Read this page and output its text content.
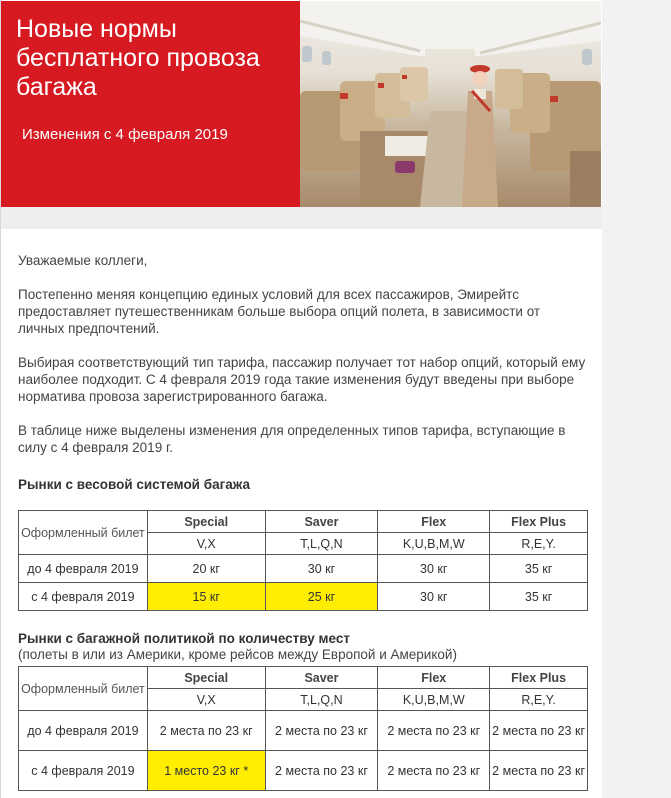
Новые нормы бесплатного провоза багажа
Изменения с 4 февраля 2019

Уважаемые коллеги,

Постепенно меняя концепцию единых условий для всех пассажиров, Эмирейтс предоставляет путешественникам больше выбора опций полета, в зависимости от личных предпочтений.

Выбирая соответствующий тип тарифа, пассажир получает тот набор опций, который ему наиболее подходит. С 4 февраля 2019 года такие изменения будут введены при выборе норматива провоза зарегистрированного багажа.

В таблице ниже выделены изменения для определенных типов тарифа, вступающие в силу с 4 февраля 2019 г.

Рынки с весовой системой багажа
Оформленный билет	Special	Saver	Flex	Flex Plus
	V,X	T,L,Q,N	K,U,B,M,W	R,E,Y.
до 4 февраля 2019	20 кг	30 кг	30 кг	35 кг
с 4 февраля 2019	15 кг	25 кг	30 кг	35 кг
Рынки с багажной политикой по количеству мест
(полеты в или из Америки, кроме рейсов между Европой и Америкой)
Оформленный билет	Special	Saver	Flex	Flex Plus
	V,X	T,L,Q,N	K,U,B,M,W	R,E,Y.
до 4 февраля 2019	2 места по 23 кг	2 места по 23 кг	2 места по 23 кг	2 места по 23 кг
с 4 февраля 2019	1 место 23 кг *	2 места по 23 кг	2 места по 23 кг	2 места по 23 кг
